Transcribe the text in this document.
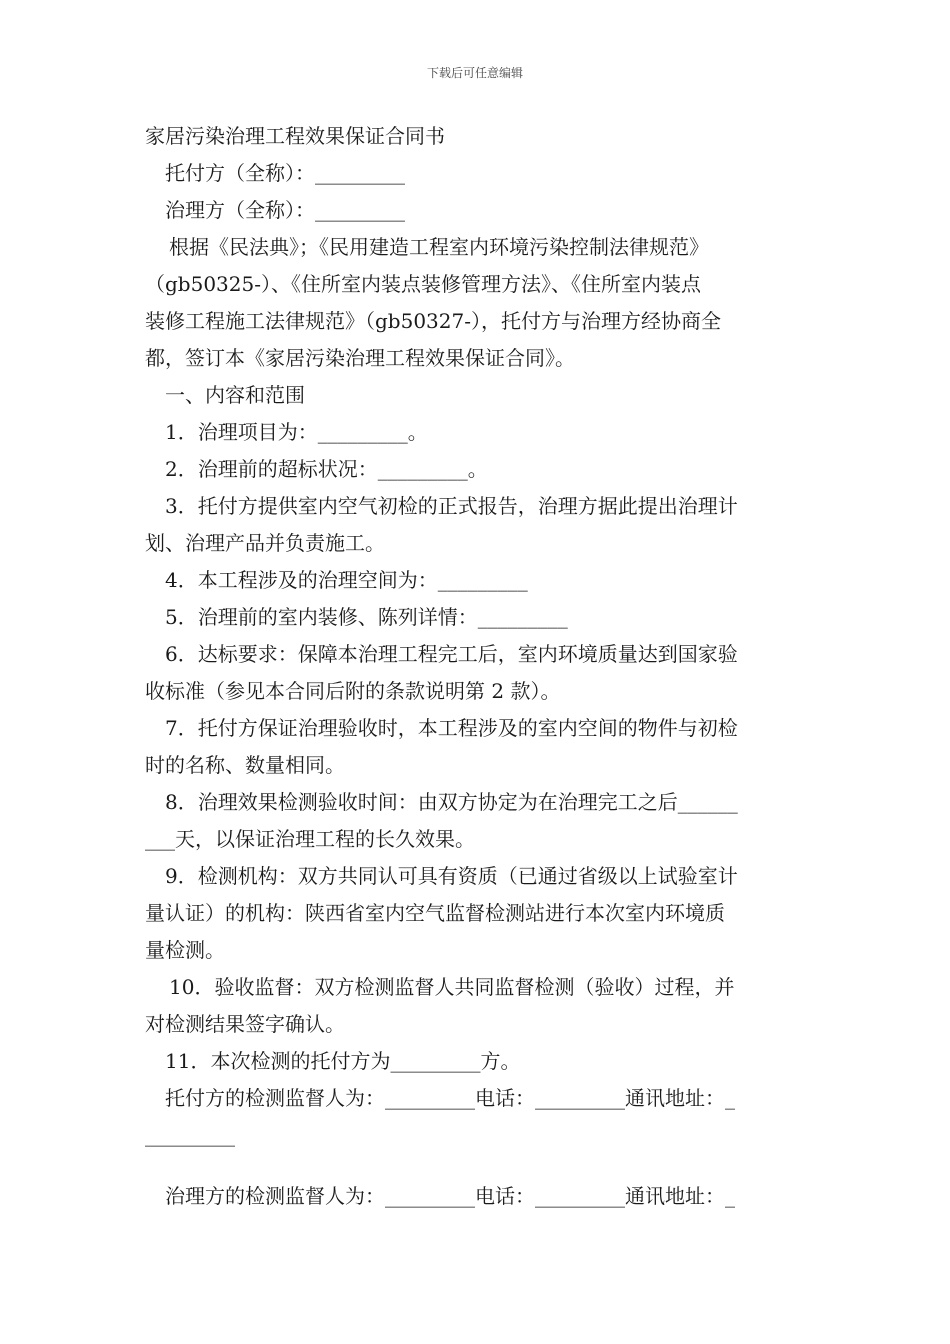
下载后可任意编辑
家居污染治理工程效果保证合同书
托付方（全称）：_________
治理方（全称）：_________
根据《民法典》；《民用建造工程室内环境污染控制法律规范》
（gb50325-）、《住所室内装点装修管理方法》、《住所室内装点
装修工程施工法律规范》（gb50327-），托付方与治理方经协商全
都，签订本《家居污染治理工程效果保证合同》。
一、内容和范围
1．治理项目为：_________。
2．治理前的超标状况：_________。
3．托付方提供室内空气初检的正式报告，治理方据此提出治理计
划、治理产品并负责施工。
4．本工程涉及的治理空间为：_________
5．治理前的室内装修、陈列详情：_________
6．达标要求：保障本治理工程完工后，室内环境质量达到国家验
收标准（参见本合同后附的条款说明第 2 款）。
7．托付方保证治理验收时，本工程涉及的室内空间的物件与初检
时的名称、数量相同。
8．治理效果检测验收时间：由双方协定为在治理完工之后______
___天，以保证治理工程的长久效果。
9．检测机构：双方共同认可具有资质（已通过省级以上试验室计
量认证）的机构：陕西省室内空气监督检测站进行本次室内环境质
量检测。
10．验收监督：双方检测监督人共同监督检测（验收）过程，并
对检测结果签字确认。
11．本次检测的托付方为_________方。
托付方的检测监督人为：_________电话：_________通讯地址：_
_________
治理方的检测监督人为：_________电话：_________通讯地址：_
